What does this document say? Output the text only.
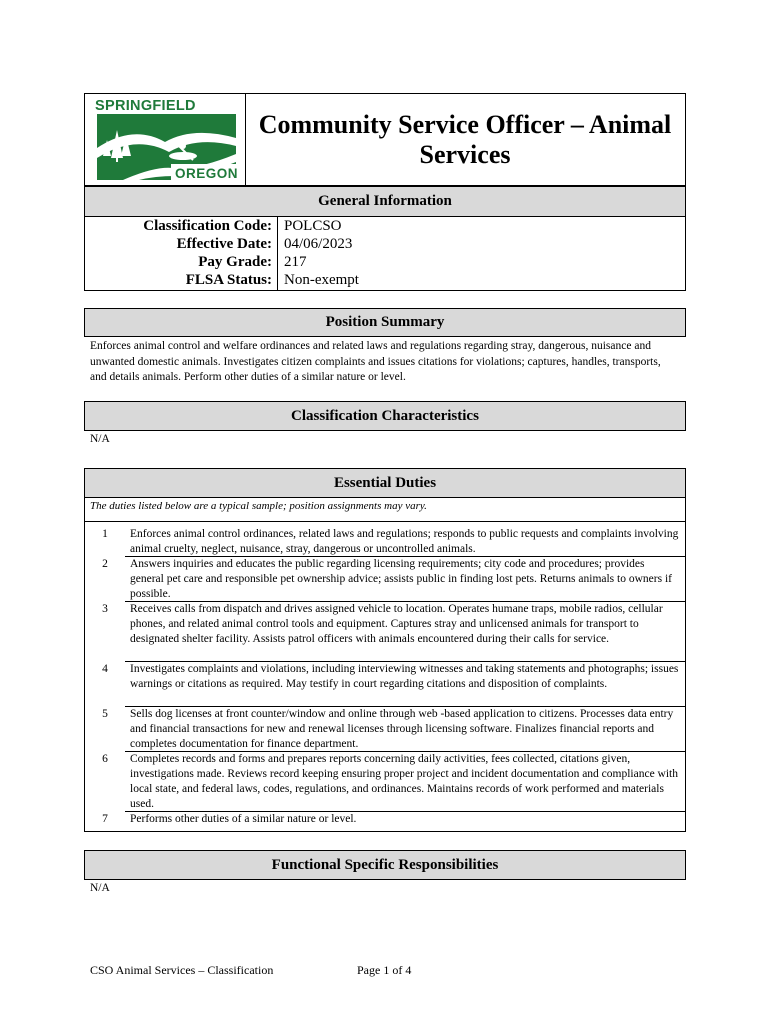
SPRINGFIELD
OREGON
Community Service Officer – Animal Services
General Information
Classification Code: POLCSO
Effective Date: 04/06/2023
Pay Grade: 217
FLSA Status: Non-exempt
Position Summary
Enforces animal control and welfare ordinances and related laws and regulations regarding stray, dangerous, nuisance and unwanted domestic animals. Investigates citizen complaints and issues citations for violations; captures, handles, transports, and details animals. Perform other duties of a similar nature or level.
Classification Characteristics
N/A
Essential Duties
The duties listed below are a typical sample; position assignments may vary.
1	Enforces animal control ordinances, related laws and regulations; responds to public requests and complaints involving animal cruelty, neglect, nuisance, stray, dangerous or uncontrolled animals.
2	Answers inquiries and educates the public regarding licensing requirements; city code and procedures; provides general pet care and responsible pet ownership advice; assists public in finding lost pets. Returns animals to owners if possible.
3	Receives calls from dispatch and drives assigned vehicle to location. Operates humane traps, mobile radios, cellular phones, and related animal control tools and equipment. Captures stray and unlicensed animals for transport to designated shelter facility. Assists patrol officers with animals encountered during their calls for service.
4	Investigates complaints and violations, including interviewing witnesses and taking statements and photographs; issues warnings or citations as required. May testify in court regarding citations and disposition of complaints.
5	Sells dog licenses at front counter/window and online through web -based application to citizens. Processes data entry and financial transactions for new and renewal licenses through licensing software. Finalizes financial reports and completes documentation for finance department.
6	Completes records and forms and prepares reports concerning daily activities, fees collected, citations given, investigations made. Reviews record keeping ensuring proper project and incident documentation and compliance with local state, and federal laws, codes, regulations, and ordinances. Maintains records of work performed and materials used.
7	Performs other duties of a similar nature or level.
Functional Specific Responsibilities
N/A
CSO Animal Services – Classification	Page 1 of 4
